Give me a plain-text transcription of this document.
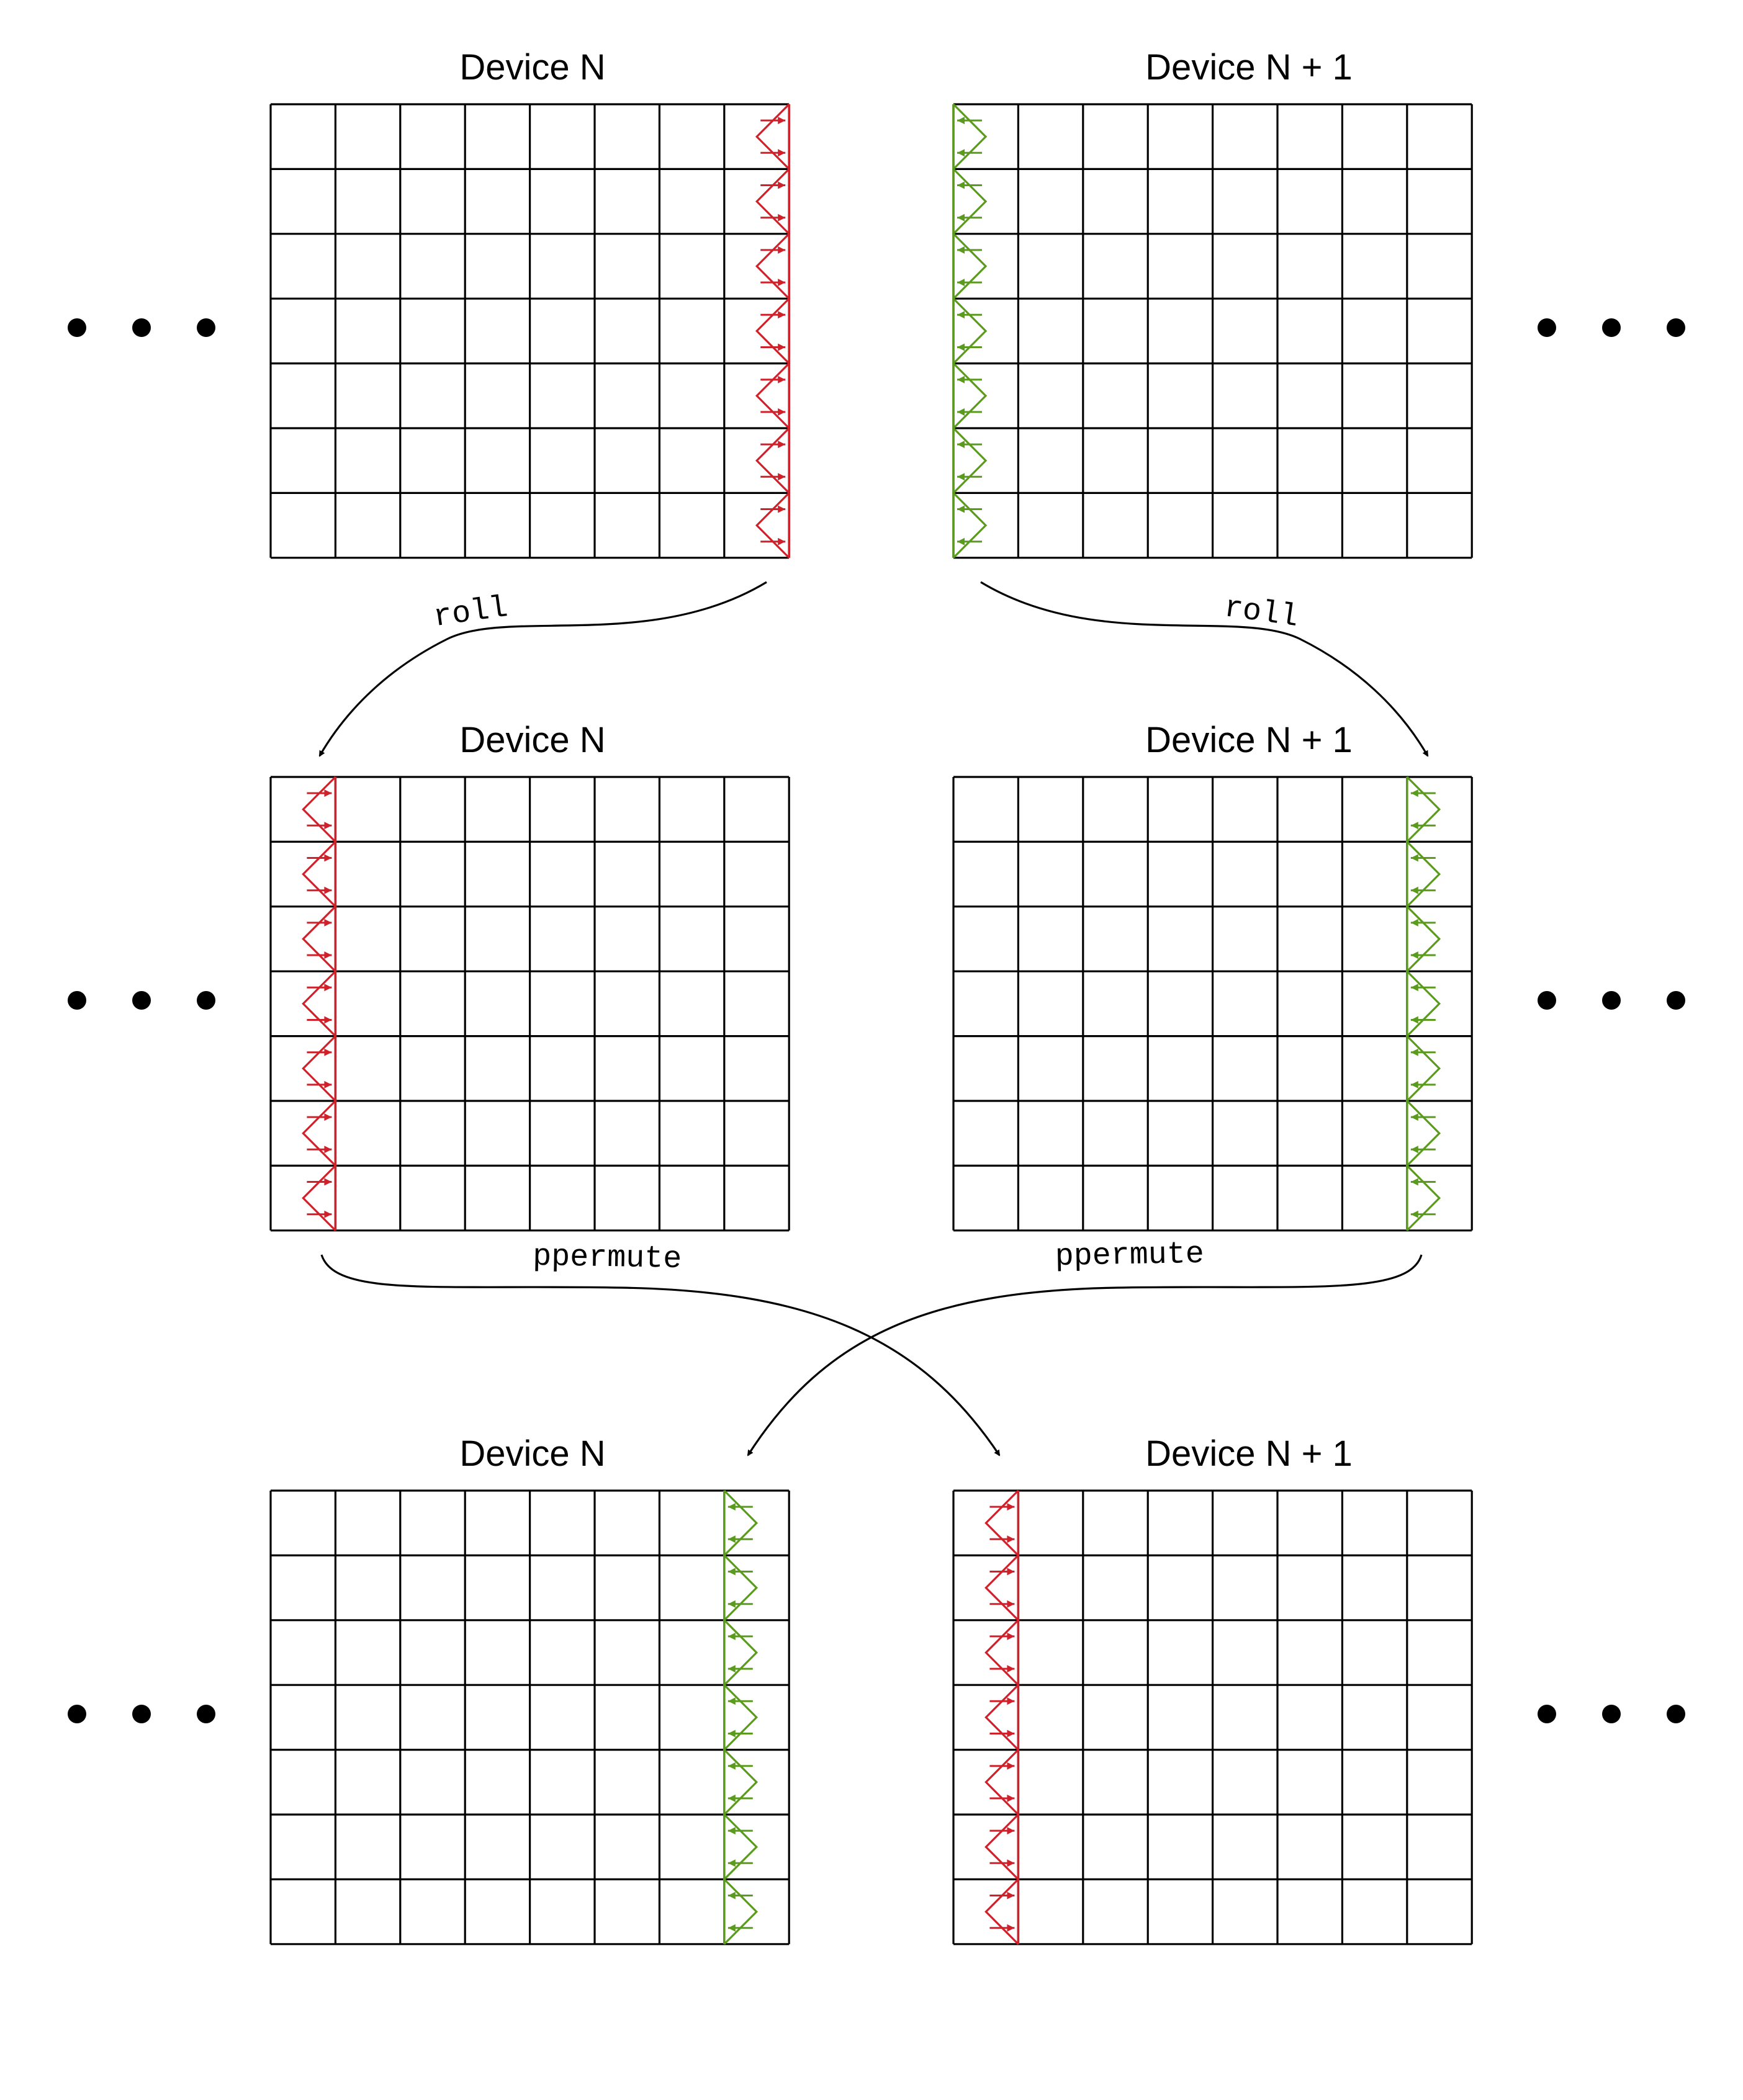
Device N	Device N + 1
Device N	Device N + 1
Device N	Device N + 1
roll	roll
ppermute	ppermute
